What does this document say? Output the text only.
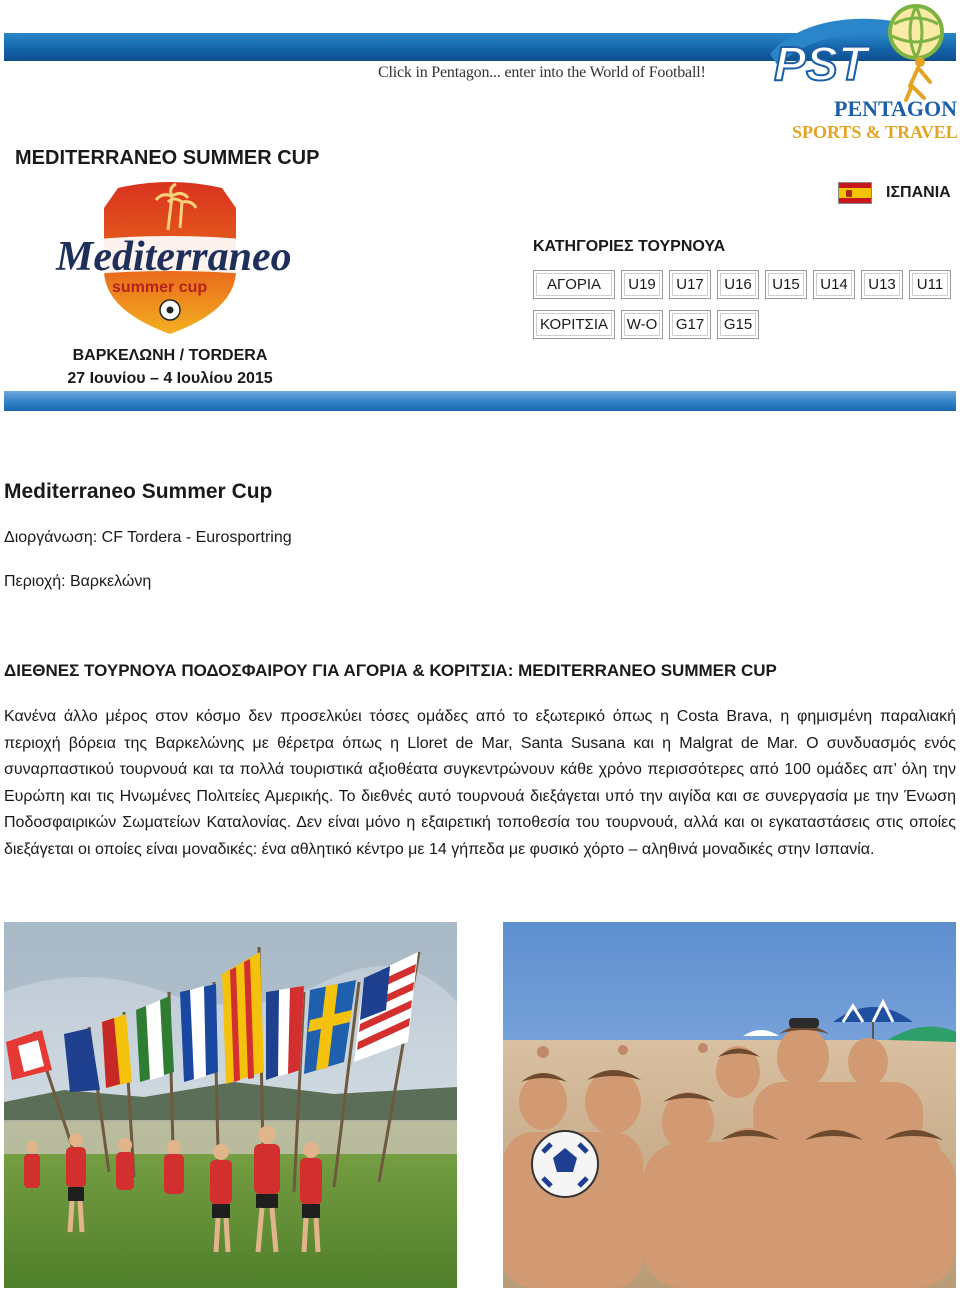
Click in Pentagon... enter into the World of Football! PST
PENTAGON
SPORTS & TRAVEL
MEDITERRANEO SUMMER CUP
Mediterraneo
summer cup
ΒΑΡΚΕΛΩΝΗ / TORDERA
27 Ιουνίου – 4 Ιουλίου 2015
ΙΣΠΑΝΙΑ
ΚΑΤΗΓΟΡΙΕΣ ΤΟΥΡΝΟΥΑ
ΑΓΟΡΙΑ	U19	U17	U16	U15	U14	U13	U11
ΚΟΡΙΤΣΙΑ	W-O	G17	G15
Mediterraneo Summer Cup
Διοργάνωση: CF Tordera - Eurosportring
Περιοχή: Βαρκελώνη
ΔΙΕΘΝΕΣ ΤΟΥΡΝΟΥΑ ΠΟΔΟΣΦΑΙΡΟΥ ΓΙΑ ΑΓΟΡΙΑ & ΚΟΡΙΤΣΙΑ: MEDITERRANEO SUMMER CUP
Κανένα άλλο μέρος στον κόσμο δεν προσελκύει τόσες ομάδες από το εξωτερικό όπως η Costa Brava, η φημισμένη παραλιακή περιοχή βόρεια της Βαρκελώνης με θέρετρα όπως η Lloret de Mar, Santa Susana και η Malgrat de Mar. Ο συνδυασμός ενός συναρπαστικού τουρνουά και τα πολλά τουριστικά αξιοθέατα συγκεντρώνουν κάθε χρόνο περισσότερες από 100 ομάδες απ’ όλη την Ευρώπη και τις Ηνωμένες Πολιτείες Αμερικής. Το διεθνές αυτό τουρνουά διεξάγεται υπό την αιγίδα και σε συνεργασία με την Ένωση Ποδοσφαιρικών Σωματείων Καταλονίας. Δεν είναι μόνο η εξαιρετική τοποθεσία του τουρνουά, αλλά και οι εγκαταστάσεις στις οποίες διεξάγεται οι οποίες είναι μοναδικές: ένα αθλητικό κέντρο με 14 γήπεδα με φυσικό χόρτο – αληθινά μοναδικές στην Ισπανία.
